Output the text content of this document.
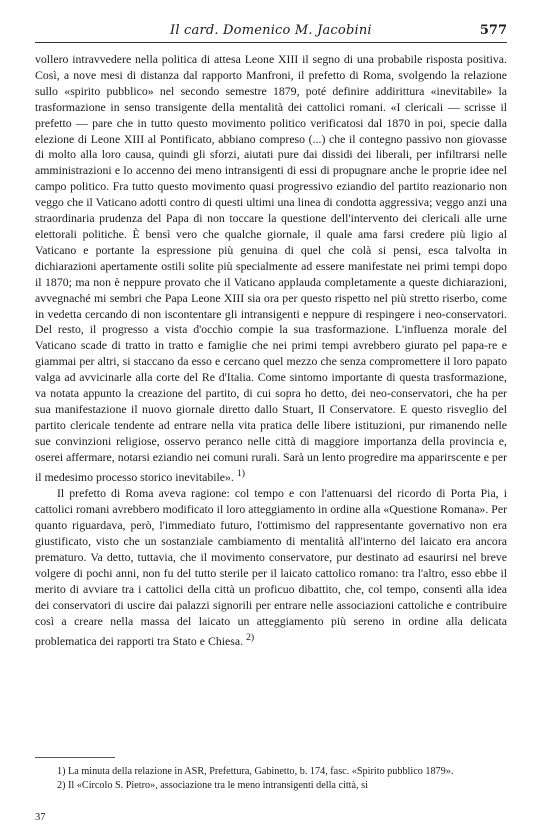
Il card. Domenico M. Jacobini	577

vollero intravvedere nella politica di attesa Leone XIII il segno di una probabile risposta positiva. Così, a nove mesi di distanza dal rapporto Manfroni, il prefetto di Roma, svolgendo la relazione sullo «spirito pubblico» nel secondo semestre 1879, poté definire addirittura «inevitabile» la trasformazione in senso transigente della mentalità dei cattolici romani. «I clericali — scrisse il prefetto — pare che in tutto questo movimento politico verificatosi dal 1870 in poi, specie dalla elezione di Leone XIII al Pontificato, abbiano compreso (...) che il contegno passivo non giovasse di molto alla loro causa, quindi gli sforzi, aiutati pure dai dissidi dei liberali, per infiltrarsi nelle amministrazioni e lo accenno dei meno intransigenti di essi di propugnare anche le proprie idee nel campo politico. Fra tutto questo movimento quasi progressivo eziandio del partito reazionario non veggo che il Vaticano adotti contro di questi ultimi una linea di condotta aggressiva; veggo anzi una straordinaria prudenza del Papa di non toccare la questione dell'intervento dei clericali alle urne elettorali politiche. È bensì vero che qualche giornale, il quale ama farsi credere più ligio al Vaticano e portante la espressione più genuina di quel che colà si pensi, esca talvolta in dichiarazioni apertamente ostili solite più specialmente ad essere manifestate nei primi tempi dopo il 1870; ma non è neppure provato che il Vaticano applauda completamente a queste dichiarazioni, avvegnaché mi sembri che Papa Leone XIII sia ora per questo rispetto nel più stretto riserbo, come in vedetta cercando di non iscontentare gli intransigenti e neppure di respingere i neo-conservatori. Del resto, il progresso a vista d'occhio compie la sua trasformazione. L'influenza morale del Vaticano scade di tratto in tratto e famiglie che nei primi tempi avrebbero giurato pel papa-re e giammai per altri, si staccano da esso e cercano quel mezzo che senza compromettere il loro papato valga ad avvicinarle alla corte del Re d'Italia. Come sintomo importante di questa trasformazione, va notata appunto la creazione del partito, di cui sopra ho detto, dei neo-conservatori, che ha per sua manifestazione il nuovo giornale diretto dallo Stuart, Il Conservatore. E questo risveglio del partito clericale tendente ad entrare nella vita pratica delle libere istituzioni, pur rimanendo nelle sue convinzioni religiose, osservo peranco nelle città di maggiore importanza della provincia e, oserei affermare, notarsi eziandio nei comuni rurali. Sarà un lento progredire ma apparirscente e per il medesimo processo storico inevitabile». $^{1)}$

Il prefetto di Roma aveva ragione: col tempo e con l'attenuarsi del ricordo di Porta Pia, i cattolici romani avrebbero modificato il loro atteggiamento in ordine alla «Questione Romana». Per quanto riguardava, però, l'immediato futuro, l'ottimismo del rappresentante governativo non era giustificato, visto che un sostanziale cambiamento di mentalità all'interno del laicato era ancora prematuro. Va detto, tuttavia, che il movimento conservatore, pur destinato ad esaurirsi nel breve volgere di pochi anni, non fu del tutto sterile per il laicato cattolico romano: tra l'altro, esso ebbe il merito di avviare tra i cattolici della città un proficuo dibattito, che, col tempo, consentì alla idea dei conservatori di uscire dai palazzi signorili per entrare nelle associazioni cattoliche e contribuire così a creare nella massa del laicato un atteggiamento più sereno in ordine alla delicata problematica dei rapporti tra Stato e Chiesa. $^{2)}$

1) La minuta della relazione in ASR, Prefettura, Gabinetto, b. 174, fasc. «Spirito pubblico 1879».

2) Il «Circolo S. Pietro», associazione tra le meno intransigenti della città, si

37
